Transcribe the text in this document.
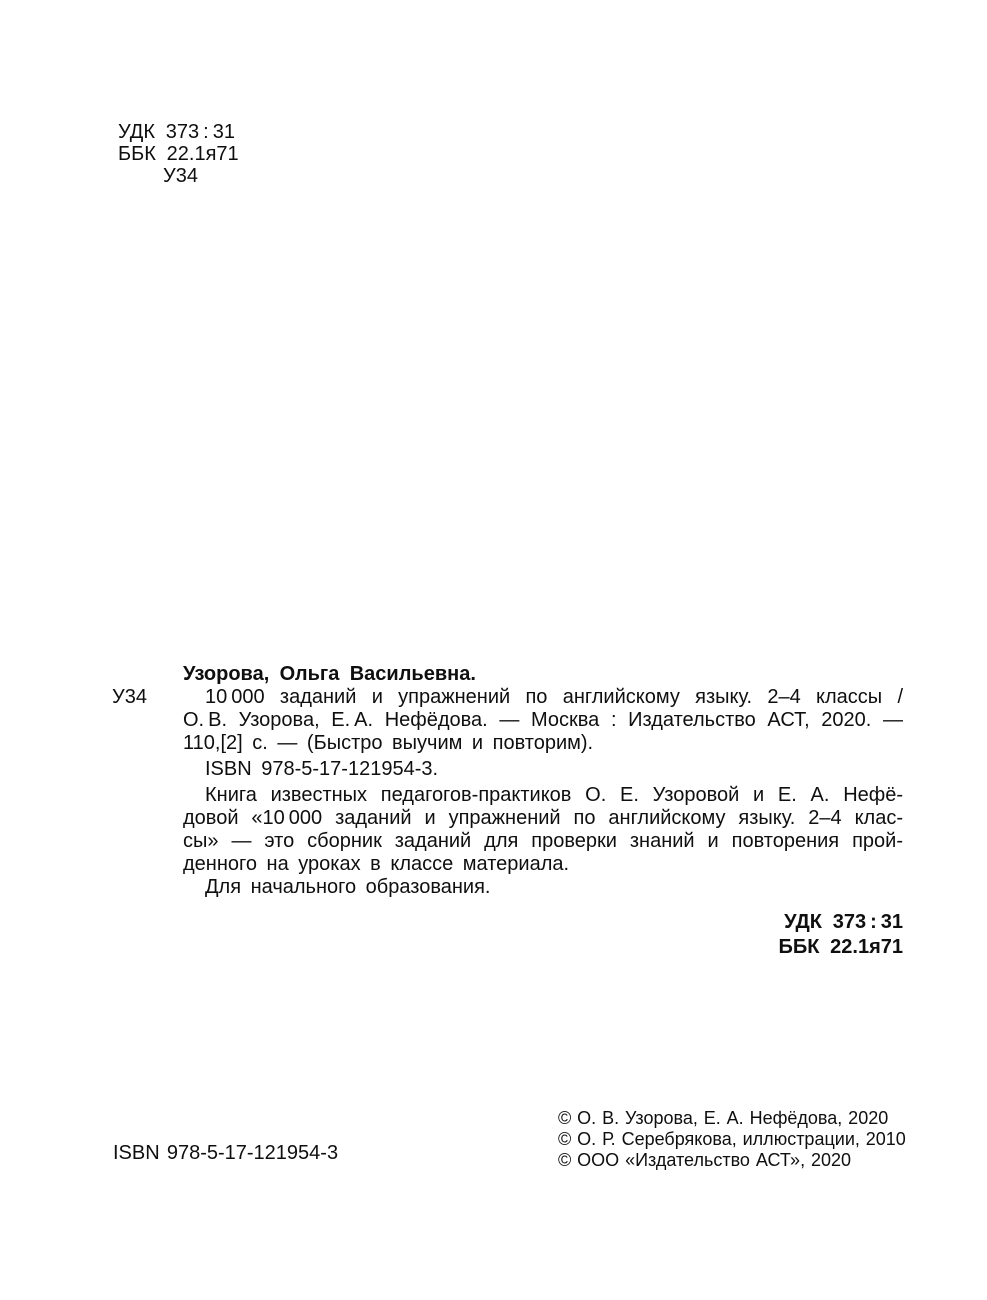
УДК 373 : 31
ББК 22.1я71
У34
У34
Узорова, Ольга Васильевна.
10 000 заданий и упражнений по английскому языку. 2–4 классы /
О. В. Узорова, Е. А. Нефёдова. — Москва : Издательство АСТ, 2020. —
110,[2] с. — (Быстро выучим и повторим).
ISBN 978-5-17-121954-3.
Книга известных педагогов-практиков О. Е. Узоровой и Е. А. Нефё-
довой «10 000 заданий и упражнений по английскому языку. 2–4 клас-
сы» — это сборник заданий для проверки знаний и повторения прой-
денного на уроках в классе материала.
Для начального образования.
УДК 373 : 31
ББК 22.1я71
ISBN 978-5-17-121954-3
© О. В. Узорова, Е. А. Нефёдова, 2020
© О. Р. Серебрякова, иллюстрации, 2010
© ООО «Издательство АСТ», 2020
